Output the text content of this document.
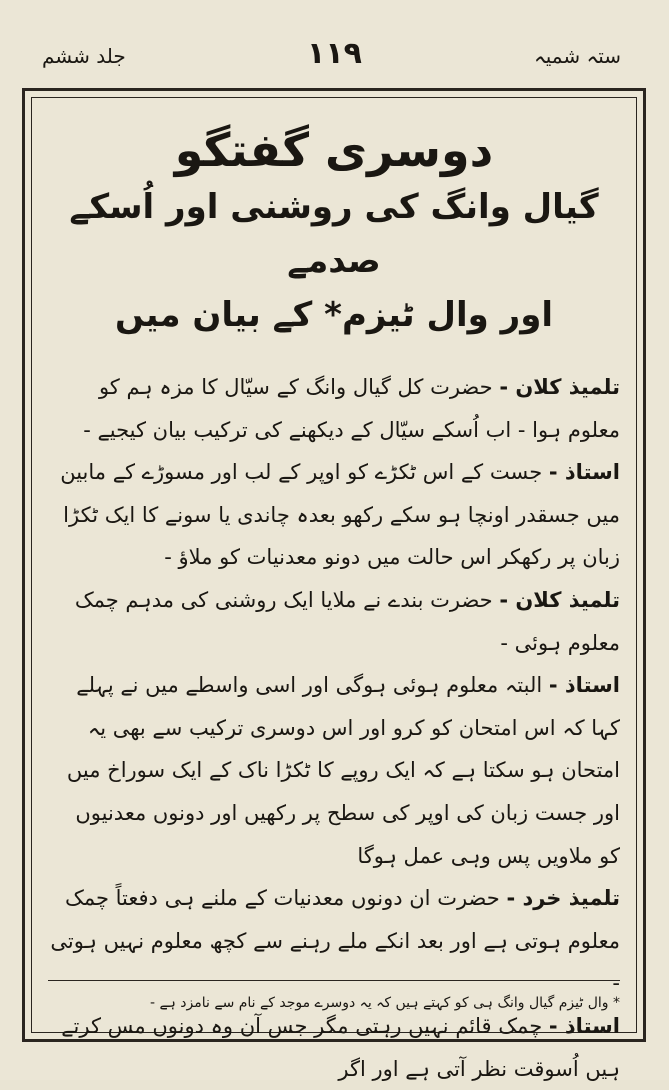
ستہ شمیہ
۱۱۹
جلد ششم
دوسری گفتگو
گیال وانگ کی روشنی اور اُسکے صدمے
اور وال ٹیزم* کے بیان میں

تلمیذ کلان - حضرت کل گیال وانگ کے سیّال کا مزہ ہم کو معلوم ہوا - اب اُسکے سیّال کے دیکھنے کی ترکیب بیان کیجیے -

استاذ - جست کے اس ٹکڑے کو اوپر کے لب اور مسوڑے کے مابین میں جسقدر اونچا ہو سکے رکھو بعدہ چاندی یا سونے کا ایک ٹکڑا زبان پر رکھکر اس حالت میں دونو معدنیات کو ملاؤ -

تلمیذ کلان - حضرت بندے نے ملایا ایک روشنی کی مدہم چمک معلوم ہوئی -

استاذ - البتہ معلوم ہوئی ہوگی اور اسی واسطے میں نے پہلے کہا کہ اس امتحان کو کرو اور اس دوسری ترکیب سے بھی یہ امتحان ہو سکتا ہے کہ ایک روپے کا ٹکڑا ناک کے ایک سوراخ میں اور جست زبان کی اوپر کی سطح پر رکھیں اور دونوں معدنیوں کو ملاویں پس وہی عمل ہوگا

تلمیذ خرد - حضرت ان دونوں معدنیات کے ملنے ہی دفعتاً چمک معلوم ہوتی ہے اور بعد انکے ملے رہنے سے کچھ معلوم نہیں ہوتی -

استاذ - چمک قائم نہیں رہتی مگر جس آن وہ دونوں مس کرتے ہیں اُسوقت نظر آتی ہے اور اگر

* وال ٹیزم گیال وانگ ہی کو کہتے ہیں کہ یہ دوسرے موجد کے نام سے نامزد ہے -
